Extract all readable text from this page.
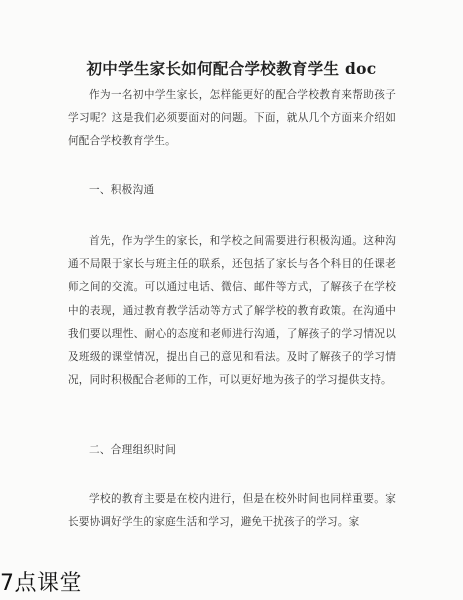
初中学生家长如何配合学校教育学生 doc
作为一名初中学生家长，怎样能更好的配合学校教育来帮助孩子学习呢？这是我们必须要面对的问题。下面，就从几个方面来介绍如何配合学校教育学生。
一、积极沟通
首先，作为学生的家长，和学校之间需要进行积极沟通。这种沟通不局限于家长与班主任的联系，还包括了家长与各个科目的任课老师之间的交流。可以通过电话、微信、邮件等方式，了解孩子在学校中的表现，通过教育教学活动等方式了解学校的教育政策。在沟通中我们要以理性、耐心的态度和老师进行沟通，了解孩子的学习情况以及班级的课堂情况，提出自己的意见和看法。及时了解孩子的学习情况，同时积极配合老师的工作，可以更好地为孩子的学习提供支持。
二、合理组织时间
学校的教育主要是在校内进行，但是在校外时间也同样重要。家长要协调好学生的家庭生活和学习，避免干扰孩子的学习。家
7点课堂
